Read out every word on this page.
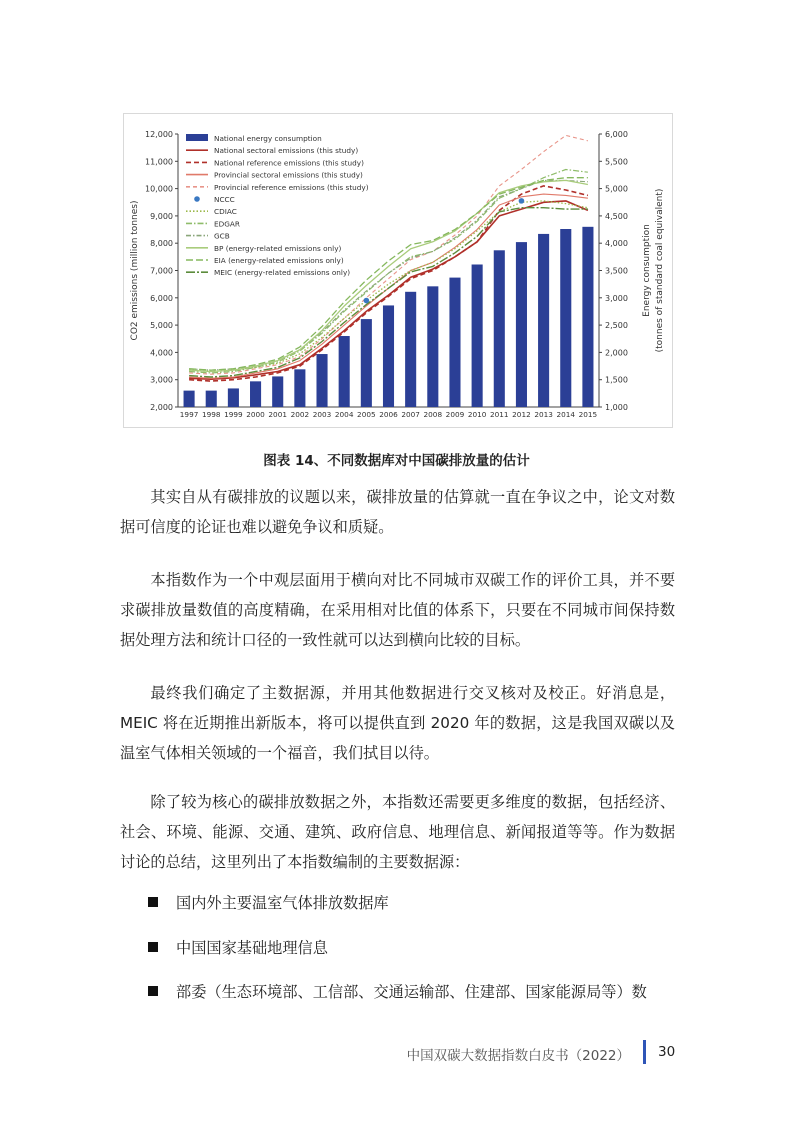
2,000
3,000
4,000
5,000
6,000
7,000
8,000
9,000
10,000
11,000
12,000
1,000
1,500
2,000
2,500
3,000
3,500
4,000
4,500
5,000
5,500
6,000
1997 1998 1999 2000 2001 2002 2003 2004 2005 2006 2007 2008 2009 2010 2011 2012 2013 2014 2015
CO2 emissions (million tonnes)	Energy consumption (tonnes of standard coal equivalent)
National energy consumption
National sectoral emissions (this study)
National reference emissions (this study)
Provincial sectoral emissions (this study)
Provincial reference emissions (this study)
NCCC
CDIAC
EDGAR
GCB
BP (energy-related emissions only)
EIA (energy-related emissions only)
MEIC (energy-related emissions only)
图表 14、不同数据库对中国碳排放量的估计

其实自从有碳排放的议题以来，碳排放量的估算就一直在争议之中，论文对数据可信度的论证也难以避免争议和质疑。

本指数作为一个中观层面用于横向对比不同城市双碳工作的评价工具，并不要求碳排放量数值的高度精确，在采用相对比值的体系下，只要在不同城市间保持数据处理方法和统计口径的一致性就可以达到横向比较的目标。

最终我们确定了主数据源，并用其他数据进行交叉核对及校正。好消息是，MEIC 将在近期推出新版本，将可以提供直到 2020 年的数据，这是我国双碳以及温室气体相关领域的一个福音，我们拭目以待。

除了较为核心的碳排放数据之外，本指数还需要更多维度的数据，包括经济、社会、环境、能源、交通、建筑、政府信息、地理信息、新闻报道等等。作为数据讨论的总结，这里列出了本指数编制的主要数据源：

国内外主要温室气体排放数据库
中国国家基础地理信息
部委（生态环境部、工信部、交通运输部、住建部、国家能源局等）数
中国双碳大数据指数白皮书（2022） 30
